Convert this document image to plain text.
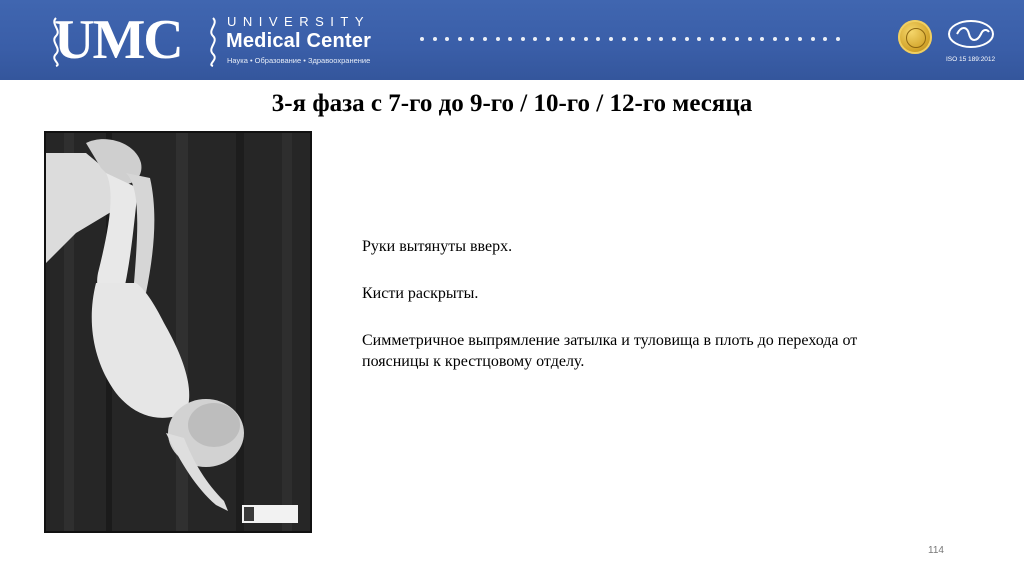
UMC	UNIVERSITY
Medical Center
Наука • Образование • Здравоохранение	ISO 15 189:2012
3-я фаза с 7-го до 9-го / 10-го / 12-го месяца

Руки вытянуты вверх.

Кисти раскрыты.

Симметричное выпрямление затылка и туловища в плоть до перехода от поясницы к крестцовому отделу.

114
